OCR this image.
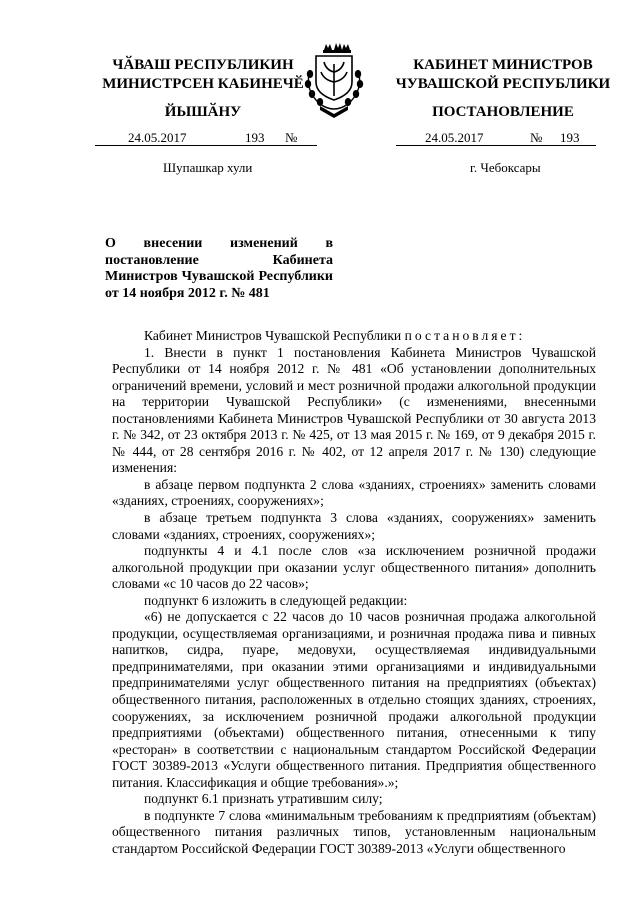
ЧӐВАШ РЕСПУБЛИКИН
МИНИСТРСЕН КАБИНЕЧӖ
ЙЫШӐНУ
24.05.2017	193 №
Шупашкар хули
КАБИНЕТ МИНИСТРОВ
ЧУВАШСКОЙ РЕСПУБЛИКИ
ПОСТАНОВЛЕНИЕ
24.05.2017	№ 193
г. Чебоксары
О внесении изменений в постановление Кабинета Министров Чувашской Республики от 14 ноября 2012 г. № 481

Кабинет Министров Чувашской Республики постановляет:

1. Внести в пункт 1 постановления Кабинета Министров Чувашской Республики от 14 ноября 2012 г. № 481 «Об установлении дополнительных ограничений времени, условий и мест розничной продажи алкогольной продукции на территории Чувашской Республики» (с изменениями, внесенными постановлениями Кабинета Министров Чувашской Республики от 30 августа 2013 г. № 342, от 23 октября 2013 г. № 425, от 13 мая 2015 г. № 169, от 9 декабря 2015 г. № 444, от 28 сентября 2016 г. № 402, от 12 апреля 2017 г. № 130) следующие изменения:

в абзаце первом подпункта 2 слова «зданиях, строениях» заменить словами «зданиях, строениях, сооружениях»;

в абзаце третьем подпункта 3 слова «зданиях, сооружениях» заменить словами «зданиях, строениях, сооружениях»;

подпункты 4 и 4.1 после слов «за исключением розничной продажи алкогольной продукции при оказании услуг общественного питания» дополнить словами «с 10 часов до 22 часов»;

подпункт 6 изложить в следующей редакции:

«6) не допускается с 22 часов до 10 часов розничная продажа алкогольной продукции, осуществляемая организациями, и розничная продажа пива и пивных напитков, сидра, пуаре, медовухи, осуществляемая индивидуальными предпринимателями, при оказании этими организациями и индивидуальными предпринимателями услуг общественного питания на предприятиях (объектах) общественного питания, расположенных в отдельно стоящих зданиях, строениях, сооружениях, за исключением розничной продажи алкогольной продукции предприятиями (объектами) общественного питания, отнесенными к типу «ресторан» в соответствии с национальным стандартом Российской Федерации ГОСТ 30389-2013 «Услуги общественного питания. Предприятия общественного питания. Классификация и общие требования».»;

подпункт 6.1 признать утратившим силу;

в подпункте 7 слова «минимальным требованиям к предприятиям (объектам) общественного питания различных типов, установленным национальным стандартом Российской Федерации ГОСТ 30389-2013 «Услуги общественного
